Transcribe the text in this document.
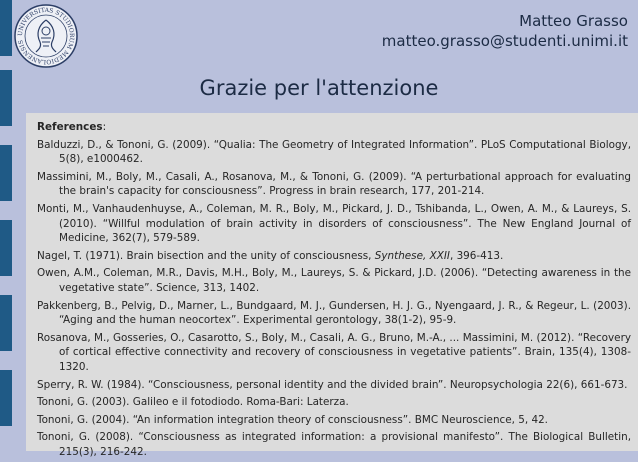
UNIVERSITAS STUDIORUM MEDIOLANENSIS
Matteo Grasso
matteo.grasso@studenti.unimi.it
Grazie per l'attenzione
References:
Balduzzi, D., & Tononi, G. (2009). “Qualia: The Geometry of Integrated Information”. PLoS Computational Biology, 5(8), e1000462.
Massimini, M., Boly, M., Casali, A., Rosanova, M., & Tononi, G. (2009). “A perturbational approach for evaluating the brain's capacity for consciousness”. Progress in brain research, 177, 201-214.
Monti, M., Vanhaudenhuyse, A., Coleman, M. R., Boly, M., Pickard, J. D., Tshibanda, L., Owen, A. M., & Laureys, S. (2010). “Willful modulation of brain activity in disorders of consciousness”. The New England Journal of Medicine, 362(7), 579-589.
Nagel, T. (1971). Brain bisection and the unity of consciousness, Synthese, XXII, 396-413.
Owen, A.M., Coleman, M.R., Davis, M.H., Boly, M., Laureys, S. & Pickard, J.D. (2006). “Detecting awareness in the vegetative state”. Science, 313, 1402.
Pakkenberg, B., Pelvig, D., Marner, L., Bundgaard, M. J., Gundersen, H. J. G., Nyengaard, J. R., & Regeur, L. (2003). “Aging and the human neocortex”. Experimental gerontology, 38(1-2), 95-9.
Rosanova, M., Gosseries, O., Casarotto, S., Boly, M., Casali, A. G., Bruno, M.-A., ... Massimini, M. (2012). “Recovery of cortical effective connectivity and recovery of consciousness in vegetative patients”. Brain, 135(4), 1308-1320.
Sperry, R. W. (1984). “Consciousness, personal identity and the divided brain”. Neuropsychologia 22(6), 661-673.
Tononi, G. (2003). Galileo e il fotodiodo. Roma-Bari: Laterza.
Tononi, G. (2004). “An information integration theory of consciousness”. BMC Neuroscience, 5, 42.
Tononi, G. (2008). “Consciousness as integrated information: a provisional manifesto”. The Biological Bulletin, 215(3), 216-242.
